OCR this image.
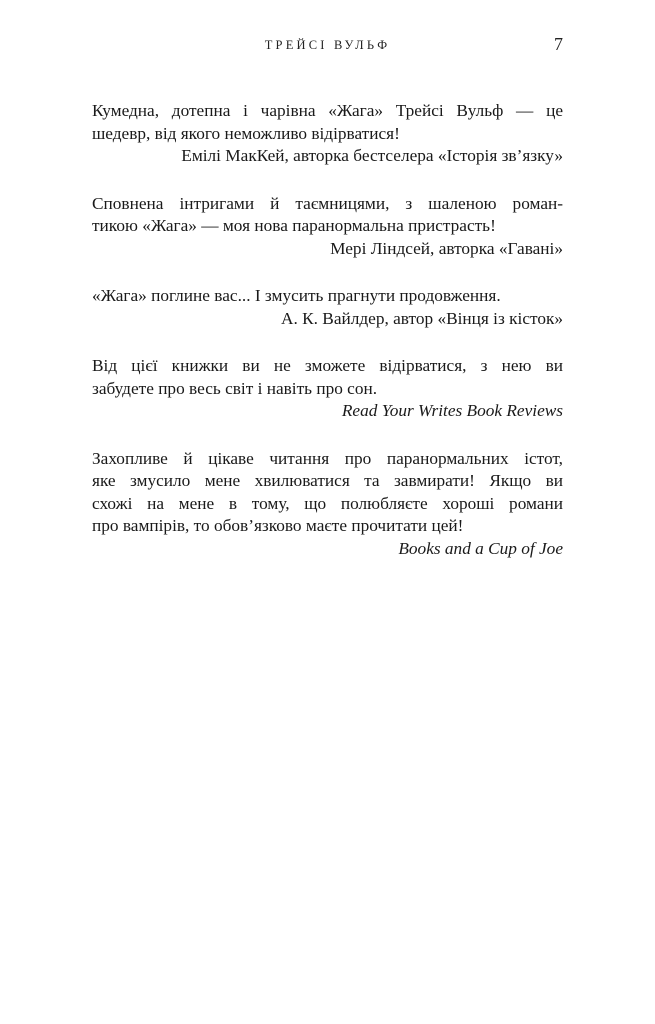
ТРЕЙСІ ВУЛЬФ	7

Кумедна, дотепна і чарівна «Жага» Трейсі Вульф — це

шедевр, від якого неможливо відірватися!

Емілі МакКей, авторка бестселера «Історія зв’язку»

Сповнена інтригами й таємницями, з шаленою роман-

тикою «Жага» — моя нова паранормальна пристрасть!

Мері Ліндсей, авторка «Гавані»

«Жага» поглине вас... І змусить прагнути продовження.

А. К. Вайлдер, автор «Вінця із кісток»

Від цієї книжки ви не зможете відірватися, з нею ви

забудете про весь світ і навіть про сон.

Read Your Writes Book Reviews

Захопливе й цікаве читання про паранормальних істот,

яке змусило мене хвилюватися та завмирати! Якщо ви

схожі на мене в тому, що полюбляєте хороші романи

про вампірів, то обов’язково маєте прочитати цей!

Books and a Cup of Joe
